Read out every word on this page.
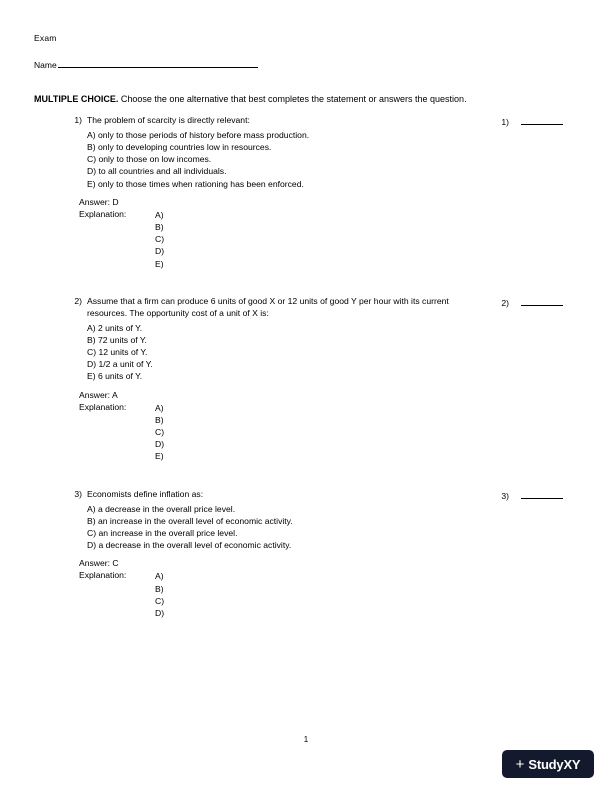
Exam
Name
MULTIPLE CHOICE. Choose the one alternative that best completes the statement or answers the question.
1) The problem of scarcity is directly relevant:	1)
A) only to those periods of history before mass production.
B) only to developing countries low in resources.
C) only to those on low incomes.
D) to all countries and all individuals.
E) only to those times when rationing has been enforced.
Answer: D
Explanation:	A)
B)
C)
D)
E)
2) Assume that a firm can produce 6 units of good X or 12 units of good Y per hour with its current resources. The opportunity cost of a unit of X is:
2)
A) 2 units of Y.
B) 72 units of Y.
C) 12 units of Y.
D) 1/2 a unit of Y.
E) 6 units of Y.
Answer: A
Explanation:	A)
B)
C)
D)
E)
3) Economists define inflation as:	3)
A) a decrease in the overall price level.
B) an increase in the overall level of economic activity.
C) an increase in the overall price level.
D) a decrease in the overall level of economic activity.
Answer: C
Explanation:	A)
B)
C)
D)
1
+ StudyXY
